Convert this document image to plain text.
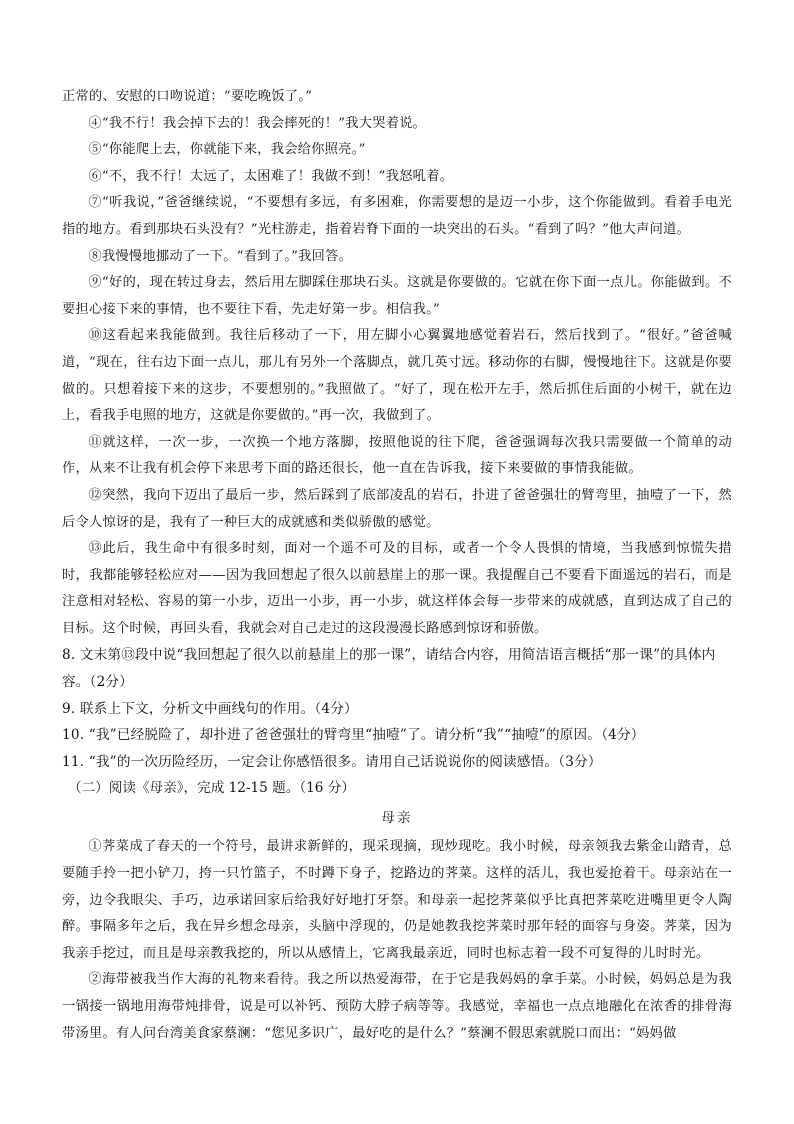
正常的、安慰的口吻说道：“要吃晚饭了。”

④“我不行！我会掉下去的！我会摔死的！”我大哭着说。

⑤“你能爬上去，你就能下来，我会给你照亮。”

⑥“不，我不行！太远了，太困难了！我做不到！”我怒吼着。

⑦“听我说，”爸爸继续说，“不要想有多远，有多困难，你需要想的是迈一小步，这个你能做到。看着手电光指的地方。看到那块石头没有？”光柱游走，指着岩脊下面的一块突出的石头。“看到了吗？”他大声问道。

⑧我慢慢地挪动了一下。“看到了。”我回答。

⑨“好的，现在转过身去，然后用左脚踩住那块石头。这就是你要做的。它就在你下面一点儿。你能做到。不要担心接下来的事情，也不要往下看，先走好第一步。相信我。”

⑩这看起来我能做到。我往后移动了一下，用左脚小心翼翼地感觉着岩石，然后找到了。“很好。”爸爸喊道，“现在，往右边下面一点儿，那儿有另外一个落脚点，就几英寸远。移动你的右脚，慢慢地往下。这就是你要做的。只想着接下来的这步，不要想别的。”我照做了。“好了，现在松开左手，然后抓住后面的小树干，就在边上，看我手电照的地方，这就是你要做的。”再一次，我做到了。

⑪就这样，一次一步，一次换一个地方落脚，按照他说的往下爬，爸爸强调每次我只需要做一个简单的动作，从来不让我有机会停下来思考下面的路还很长，他一直在告诉我，接下来要做的事情我能做。

⑫突然，我向下迈出了最后一步，然后踩到了底部凌乱的岩石，扑进了爸爸强壮的臂弯里，抽噎了一下，然后令人惊讶的是，我有了一种巨大的成就感和类似骄傲的感觉。

⑬此后，我生命中有很多时刻，面对一个遥不可及的目标，或者一个令人畏惧的情境，当我感到惊慌失措时，我都能够轻松应对——因为我回想起了很久以前悬崖上的那一课。我提醒自己不要看下面遥远的岩石，而是注意相对轻松、容易的第一小步，迈出一小步，再一小步，就这样体会每一步带来的成就感，直到达成了自己的目标。这个时候，再回头看，我就会对自己走过的这段漫漫长路感到惊讶和骄傲。

8. 文末第⑬段中说“我回想起了很久以前悬崖上的那一课”，请结合内容，用简洁语言概括“那一课”的具体内容。（2分）

9. 联系上下文，分析文中画线句的作用。（4分）

10. “我”已经脱险了，却扑进了爸爸强壮的臂弯里“抽噎”了。请分析“我”“抽噎”的原因。（4分）

11. “我”的一次历险经历，一定会让你感悟很多。请用自己话说说你的阅读感悟。（3分）

（二）阅读《母亲》，完成 12-15 题。（16 分）

母亲

①荠菜成了春天的一个符号，最讲求新鲜的，现采现摘，现炒现吃。我小时候，母亲领我去紫金山踏青，总要随手拎一把小铲刀，挎一只竹篮子，不时蹲下身子，挖路边的荠菜。这样的活儿，我也爱抢着干。母亲站在一旁，边令我眼尖、手巧，边承诺回家后给我好好地打牙祭。和母亲一起挖荠菜似乎比真把荠菜吃进嘴里更令人陶醉。事隔多年之后，我在异乡想念母亲，头脑中浮现的，仍是她教我挖荠菜时那年轻的面容与身姿。荠菜，因为我亲手挖过，而且是母亲教我挖的，所以从感情上，它离我最亲近，同时也标志着一段不可复得的儿时时光。

②海带被我当作大海的礼物来看待。我之所以热爱海带，在于它是我妈妈的拿手菜。小时候，妈妈总是为我一锅接一锅地用海带炖排骨，说是可以补钙、预防大脖子病等等。我感觉，幸福也一点点地融化在浓香的排骨海带汤里。有人问台湾美食家蔡澜：“您见多识广，最好吃的是什么？”蔡澜不假思索就脱口而出：“妈妈做
